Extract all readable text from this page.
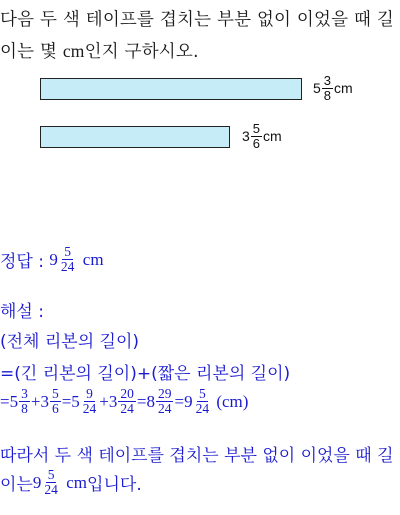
다음 두 색 테이프를 겹치는 부분 없이 이었을 때 길
이는 몇 cm인지 구하시오.
$5 \frac{3}{8}$ cm
$3 \frac{5}{6}$ cm
정답 :
$9 \frac{5}{24}$
cm
해설 :
(전체 리본의 길이)
=(긴 리본의 길이)+(짧은 리본의 길이)
= $5 \frac{3}{8} + 3 \frac{5}{6} = 5 \frac{9}{24} + 3 \frac{20}{24} = 8 \frac{29}{24} = 9 \frac{5}{24}$
(cm)
따라서 두 색 테이프를 겹치는 부분 없이 이었을 때 길
이는 $9 \frac{5}{24}$
cm 입니다.
